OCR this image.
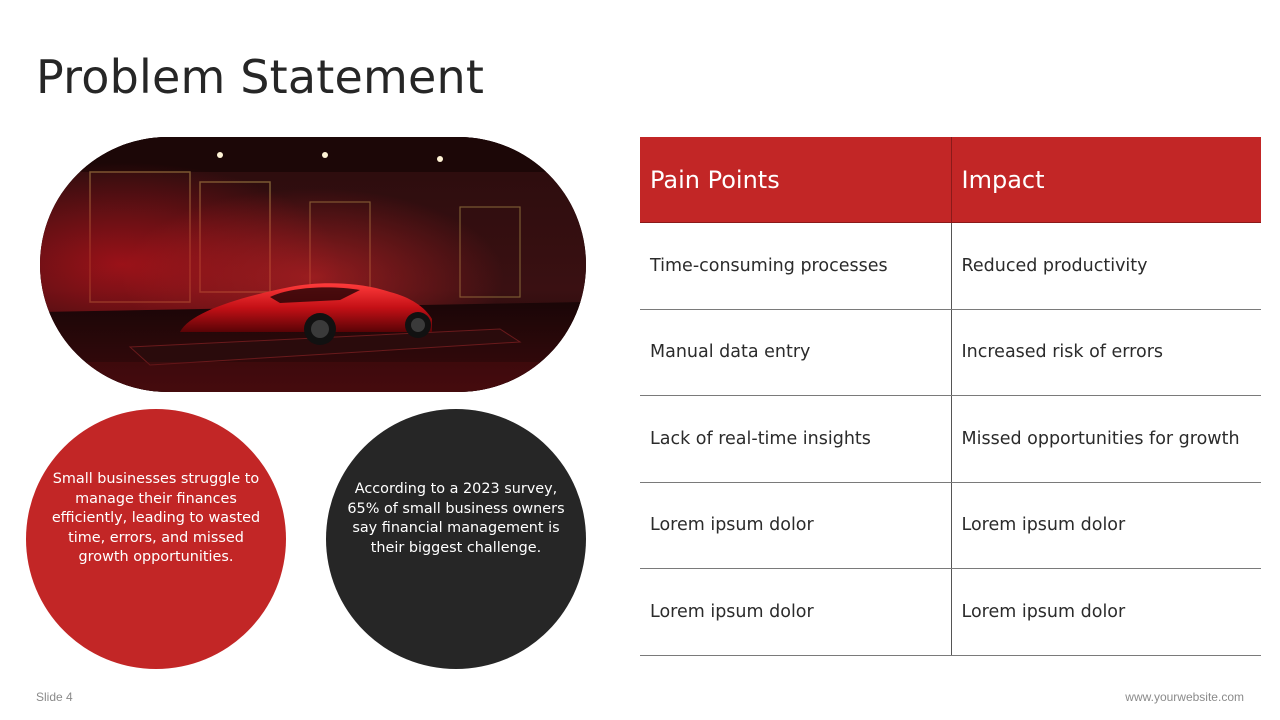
Problem Statement

Small businesses struggle to manage their finances efficiently, leading to wasted time, errors, and missed growth opportunities.

According to a 2023 survey, 65% of small business owners say financial management is their biggest challenge.

Pain Points	Impact
Time-consuming processes	Reduced productivity
Manual data entry	Increased risk of errors
Lack of real-time insights	Missed opportunities for growth
Lorem ipsum dolor	Lorem ipsum dolor
Lorem ipsum dolor	Lorem ipsum dolor
Slide 4	www.yourwebsite.com
